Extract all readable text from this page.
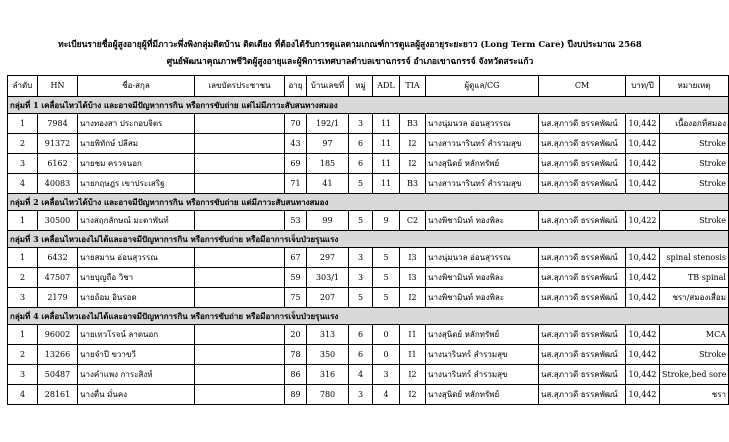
ทะเบียนรายชื่อผู้สูงอายุผู้ที่มีภาวะพึ่งพิงกลุ่มติดบ้าน ติดเตียง ที่ต้องได้รับการดูแลตามเกณฑ์การดูแลผู้สูงอายุระยะยาว (Long Term Care) ปีงบประมาณ 2568
ศูนย์พัฒนาคุณภาพชีวิตผู้สูงอายุและผู้พิการเทศบาลตำบลเขาฉกรรจ์ อำเภอเขาฉกรรจ์ จังหวัดสระแก้ว
ลำดับ	HN	ชื่อ-สกุล	เลขบัตรประชาชน	อายุ	บ้านเลขที่	หมู่	ADL	TIA	ผู้ดูแล/CG	CM	บาท/ปี	หมายเหตุ
กลุ่มที่ 1 เคลื่อนไหวได้บ้าง และอาจมีปัญหาการกิน หรือการขับถ่าย แต่ไม่มีภาวะสับสนทางสมอง												
1	7984	นางทองสา ประกอบจิตร		70	192/1	3	11	B3	นางนุ่มนวล อ่อนสุวรรณ	นส.สุภาวดี ธรรคพัฒน์	10,442	เนื้องอกที่สมอง
2	91372	นายพิทักษ์ ปลีสม		43	97	6	11	I2	นางสาวนารินทร์ สำรวมสุข	นส.สุภาวดี ธรรคพัฒน์	10,442	Stroke
3	6162	นายชม ครวจนอก		69	185	6	11	I2	นางสุนิดย์ หลักทรัพย์	นส.สุภาวดี ธรรคพัฒน์	10,442	Stroke
4	40083	นายกฤษฎร เขาประเสริฐ		71	41	5	11	B3	นางสาวนารินทร์ สำรวมสุข	นส.สุภาวดี ธรรคพัฒน์	10,442	Stroke
กลุ่มที่ 2 เคลื่อนไหวได้บ้าง และอาจมีปัญหาการกิน หรือการขับถ่าย แต่มีภาวะสับสนทางสมอง												
1	30500	นางสฤกลักษณ์ มะตาพันท์		53	99	5	9	C2	นางพิชามินท์ ทองพิละ	นส.สุภาวดี ธรรคพัฒน์	10,422	Stroke
กลุ่มที่ 3 เคลื่อนไหวเองไม่ได้และอาจมีปัญหาการกิน หรือการขับถ่าย หรือมีอาการเจ็บป่วยรุนแรง												
1	6432	นายสมาน อ่อนสุวรรณ		67	297	3	5	I3	นางนุ่มนวล อ่อนสุวรรณ	นส.สุภาวดี ธรรคพัฒน์	10,442	spinal stenosis
2	47507	นายบุญถือ วิชา		59	303/1	3	5	I3	นางพิชามินท์ ทองพิละ	นส.สุภาวดี ธรรคพัฒน์	10,442	TB spinal
3	2179	นายถ้อม อินรอด		75	207	5	5	I2	นางพิชามินท์ ทองพิละ	นส.สุภาวดี ธรรคพัฒน์	10,442	ชรา/สมองเสื่อม
กลุ่มที่ 4 เคลื่อนไหวเองไม่ได้และอาจมีปัญหาการกิน หรือการขับถ่าย หรือมีอาการเจ็บป่วยรุนแรง												
1	96002	นายเทวโรจน์ ลาดนอก		20	313	6	0	I1	นางสุนิดย์ หลักทรัพย์	นส.สุภาวดี ธรรคพัฒน์	10,442	MCA
2	13266	นายจำปี ขวาขวี		78	350	6	0	I1	นางนารินทร์ สำรวมสุข	นส.สุภาวดี ธรรคพัฒน์	10,442	Stroke
3	50487	นางคำแพง การะสิงห์		86	316	4	3	I2	นางนารินทร์ สำรวมสุข	นส.สุภาวดี ธรรคพัฒน์	10,442	Stroke,bed sore
4	28161	นางตื่น มั่นคง		89	780	3	4	I2	นางสุนิดย์ หลักทรัพย์	นส.สุภาวดี ธรรคพัฒน์	10,442	ชรา
